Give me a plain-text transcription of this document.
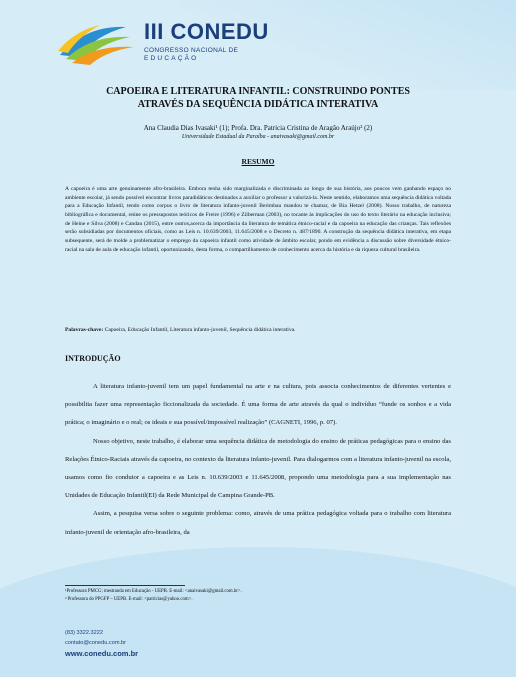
III CONEDU
CONGRESSO NACIONAL DE
EDUCAÇÃO
CAPOEIRA E LITERATURA INFANTIL: CONSTRUINDO PONTES
ATRAVÉS DA SEQUÊNCIA DIDÁTICA INTERATIVA
Ana Claudia Dias Ivasaki¹ (1); Profa. Dra. Patricia Cristina de Aragão Araújo² (2)
Universidade Estadual da Paraíba - anaivasaki@gmail.com.br
RESUMO
A capoeira é uma arte genuinamente afro-brasileira. Embora tenha sido marginalizada e discriminada ao longo de sua história, aos poucos vem ganhando espaço no ambiente escolar, já sendo possível encontrar livros paradidáticos destinados a auxiliar o professor a valorizá-la. Neste sentido, elaboramos uma sequência didática voltada para a Educação Infantil, tendo como corpus o livro de literatura infanto-juvenil Berimbau mandou te chamar, de Bia Hetzel (2008). Nosso trabalho, de natureza bibliográfica e documental, reúne os pressupostos teóricos de Freire (1996) e Zilberman (2003), no tocante às implicações do uso do texto literário na educação inclusiva; de Heine e Silva (2008) e Candau (2015), entre outros,acerca da importância da literatura de temática étnico-racial e da capoeira na educação das crianças. Tais reflexões serão subsidiadas por documentos oficiais, como as Leis n. 10.639/2003, 11.645/2008 e o Decreto n. 487/1890. A construção da sequência didática interativa, em etapa subsequente, será de molde a problematizar o emprego da capoeira infantil como atividade de âmbito escolar, pondo em evidência a discussão sobre diversidade étnico-racial na sala de aula de educação infantil, oportunizando, desta forma, o compartilhamento de conhecimento acerca da história e da riqueza cultural brasileira.
Palavras-chave: Capoeira, Educação Infantil, Literatura infanto-juvenil, Sequência didática interativa.
INTRODUÇÃO

A literatura infanto-juvenil tem um papel fundamental na arte e na cultura, pois associa conhecimentos de diferentes vertentes e possibilita fazer uma representação ficcionalizada da sociedade. É uma forma de arte através da qual o indivíduo “funde os sonhos e a vida prática; o imaginário e o real; os ideais e sua possível/impossível realização” (CAGNETI, 1996, p. 07).

Nosso objetivo, neste trabalho, é elaborar uma sequência didática de metodologia do ensino de práticas pedagógicas para o ensino das Relações Étnico-Raciais através da capoeira, no contexto da literatura infanto-juvenil. Para dialogarmos com a literatura infanto-juvenil na escola, usamos como fio condutor a capoeira e as Leis n. 10.639/2003 e 11.645/2008, propondo uma metodologia para a sua implementação nas Unidades de Educação Infantil(EI) da Rede Municipal de Campina Grande-PB.

Assim, a pesquisa versa sobre o seguinte problema: como, através de uma prática pedagógica voltada para o trabalho com literatura infanto-juvenil de orientação afro-brasileira, da

¹Professora PMCG; mestranda em Educação - UEPB. E-mail: <anaivasaki@gmail.com.br>.
² Professora do PPGFP – UEPB. E-mail: <patrícias@yahoo.com>.
(83) 3322.3222
contato@conedu.com.br
www.conedu.com.br
